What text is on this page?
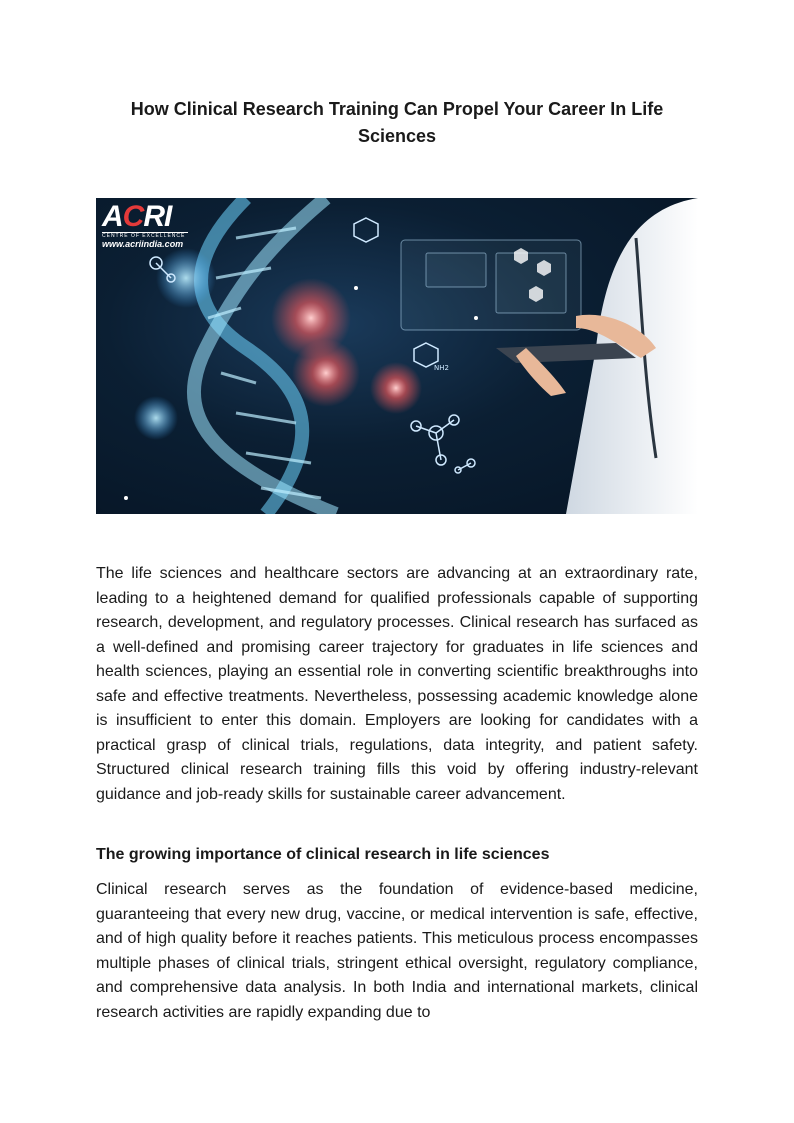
How Clinical Research Training Can Propel Your Career In Life Sciences
NH2
ACRI
CENTRE OF EXCELLENCE
www.acriindia.com
The life sciences and healthcare sectors are advancing at an extraordinary rate, leading to a heightened demand for qualified professionals capable of supporting research, development, and regulatory processes. Clinical research has surfaced as a well-defined and promising career trajectory for graduates in life sciences and health sciences, playing an essential role in converting scientific breakthroughs into safe and effective treatments. Nevertheless, possessing academic knowledge alone is insufficient to enter this domain. Employers are looking for candidates with a practical grasp of clinical trials, regulations, data integrity, and patient safety. Structured clinical research training fills this void by offering industry-relevant guidance and job-ready skills for sustainable career advancement.
The growing importance of clinical research in life sciences
Clinical research serves as the foundation of evidence-based medicine, guaranteeing that every new drug, vaccine, or medical intervention is safe, effective, and of high quality before it reaches patients. This meticulous process encompasses multiple phases of clinical trials, stringent ethical oversight, regulatory compliance, and comprehensive data analysis. In both India and international markets, clinical research activities are rapidly expanding due to
